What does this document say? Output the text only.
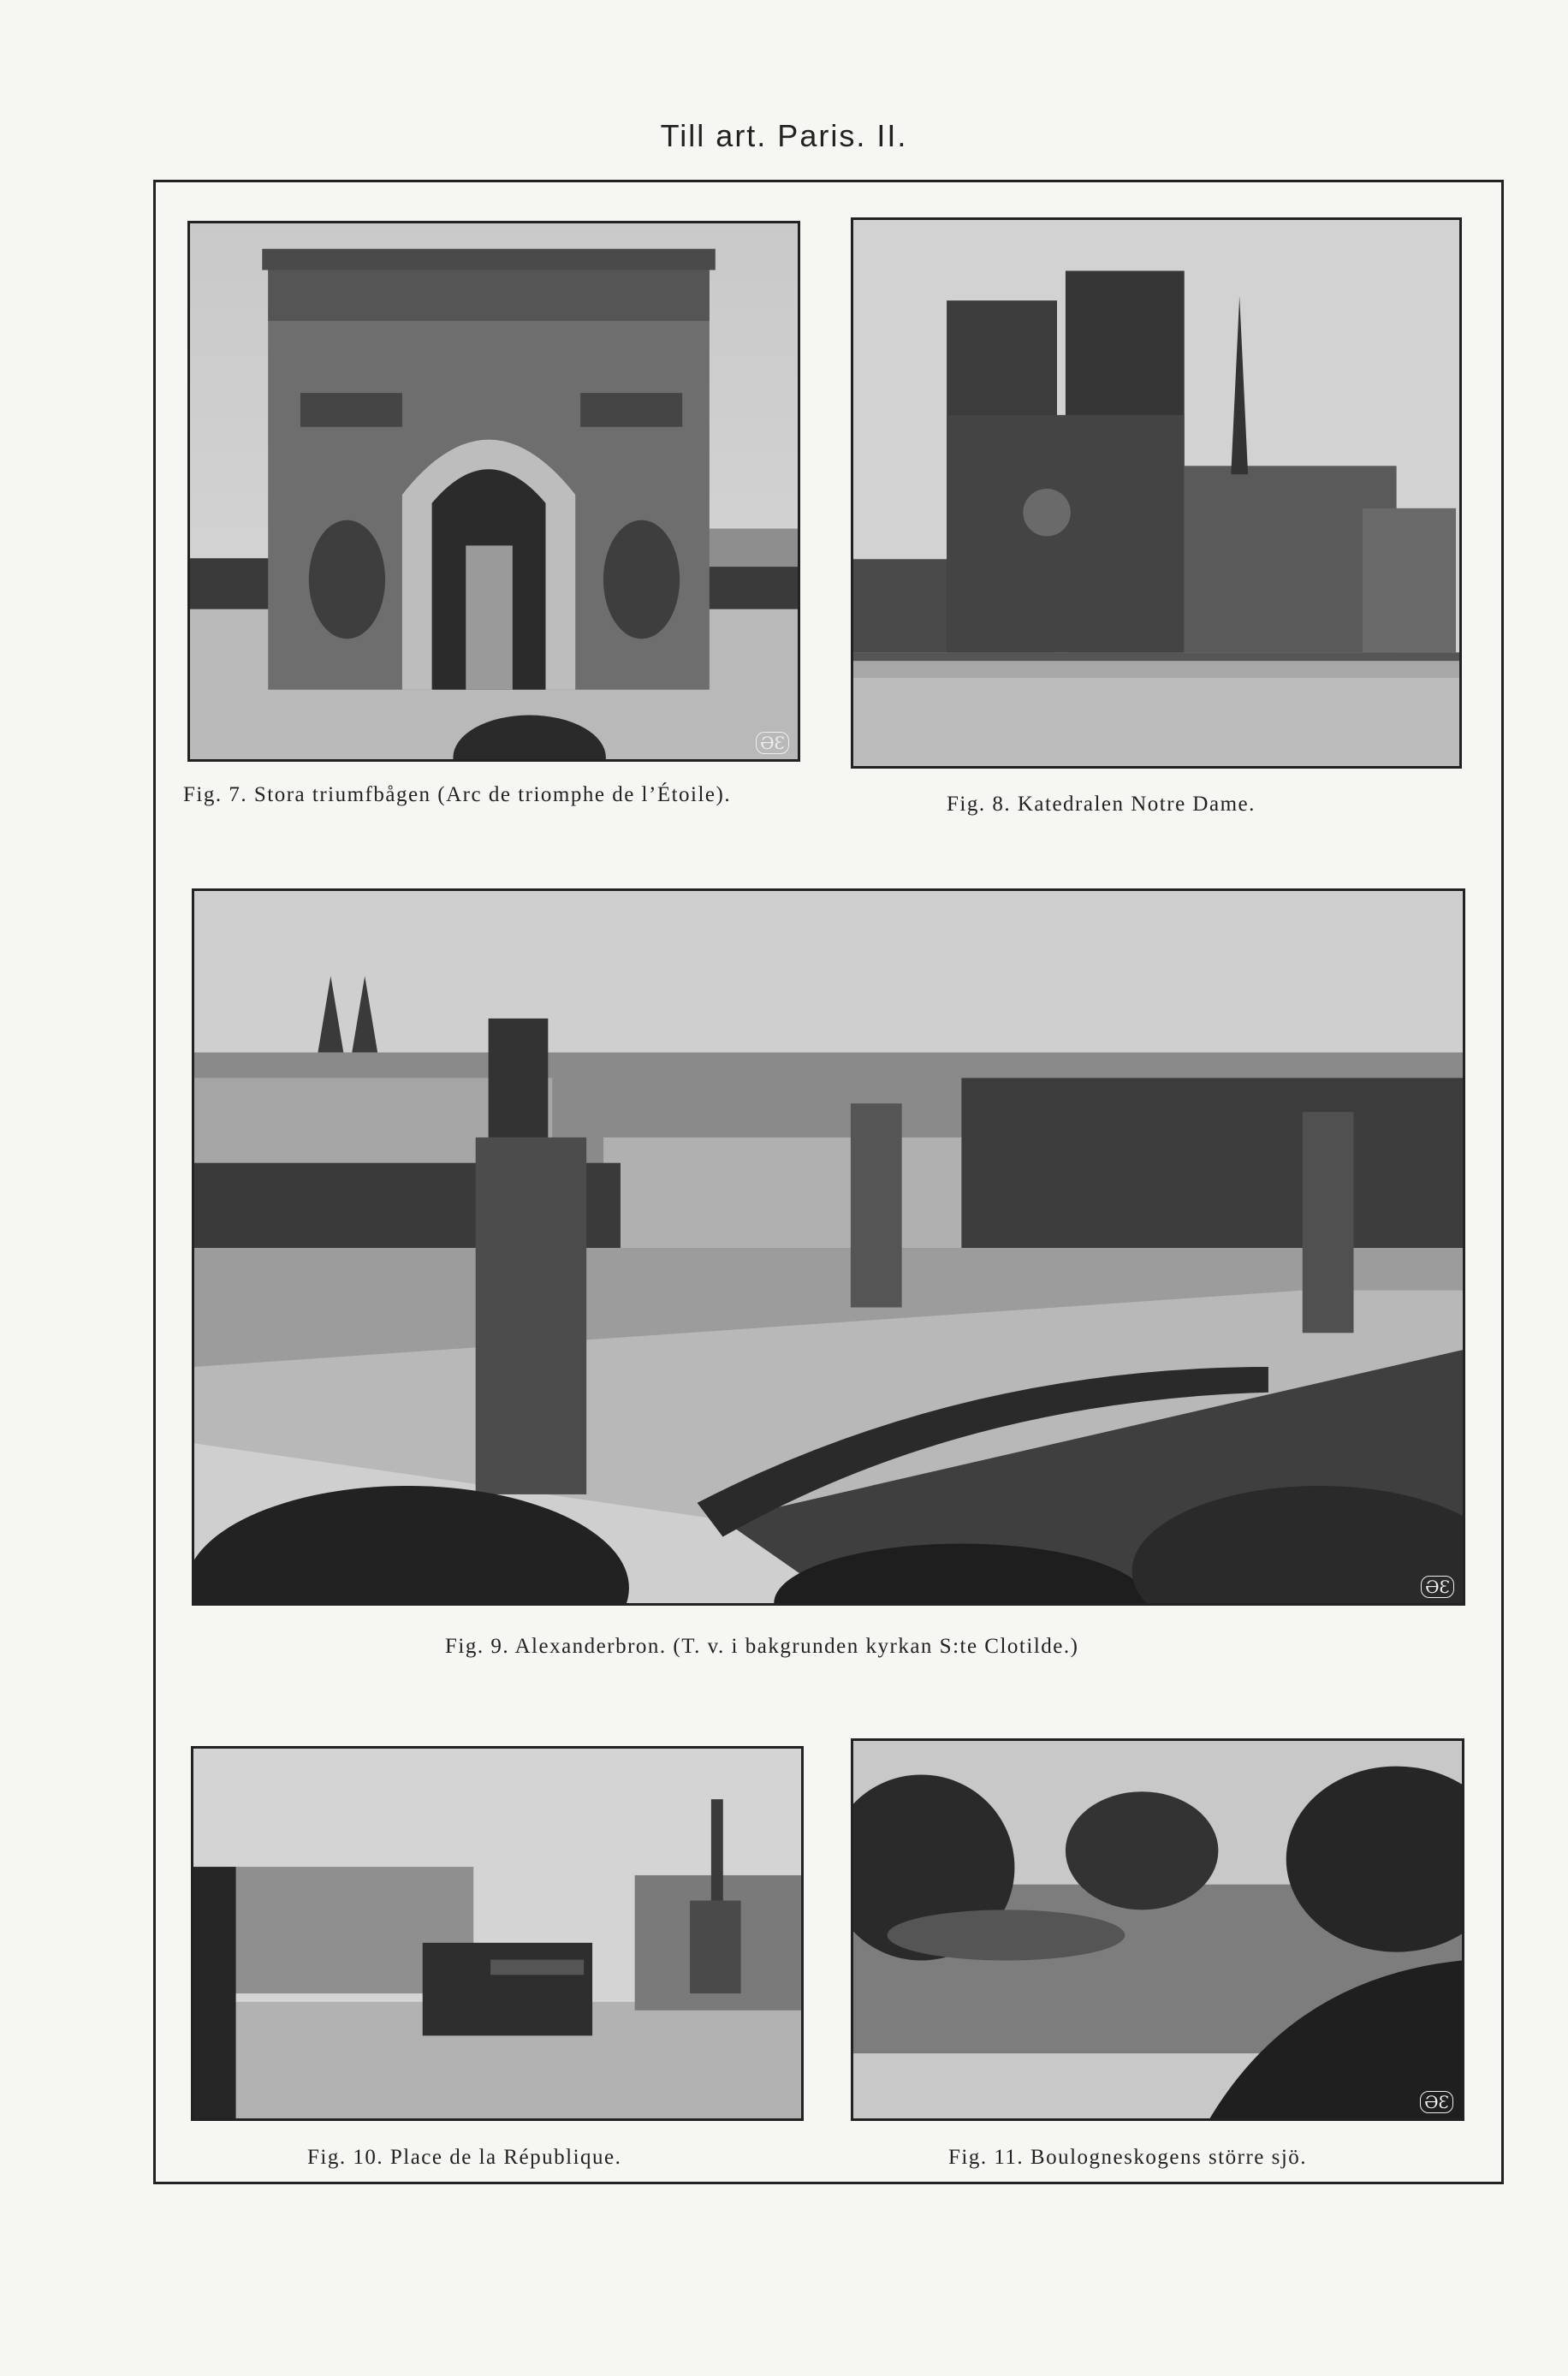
Till art. Paris. II.
ƏƐ
Fig. 7. Stora triumfbågen (Arc de triomphe de l’Étoile).	Fig. 8. Katedralen Notre Dame.
ƏƐ
Fig. 9. Alexanderbron. (T. v. i bakgrunden kyrkan S:te Clotilde.)
Fig. 10. Place de la République.
ƏƐ
Fig. 11. Boulogneskogens större sjö.
